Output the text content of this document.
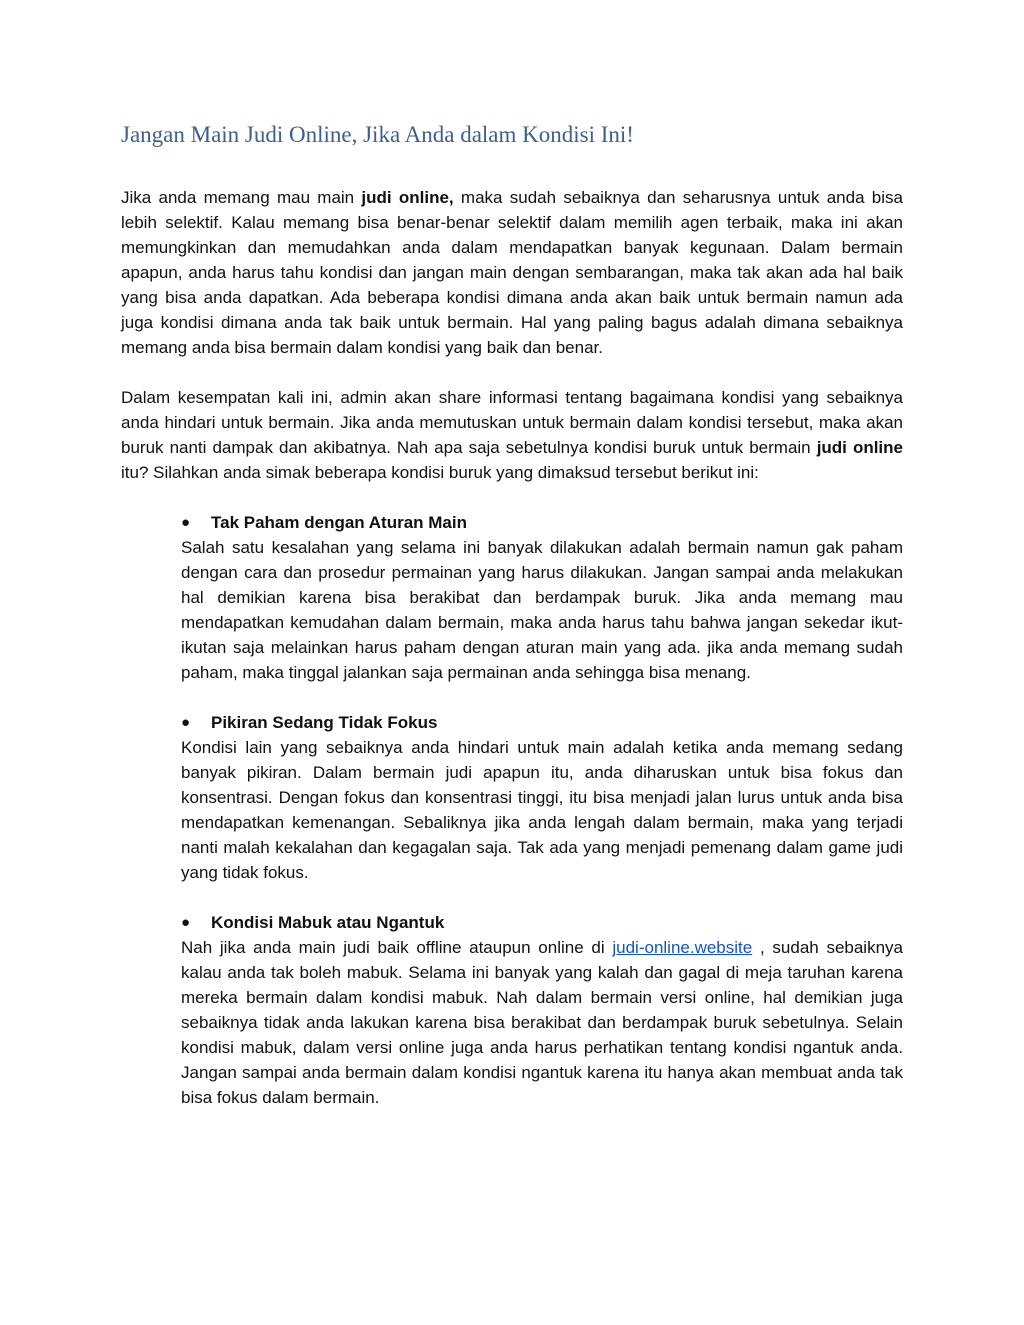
Jangan Main Judi Online, Jika Anda dalam Kondisi Ini!

Jika anda memang mau main judi online, maka sudah sebaiknya dan seharusnya untuk anda bisa lebih selektif. Kalau memang bisa benar-benar selektif dalam memilih agen terbaik, maka ini akan memungkinkan dan memudahkan anda dalam mendapatkan banyak kegunaan. Dalam bermain apapun, anda harus tahu kondisi dan jangan main dengan sembarangan, maka tak akan ada hal baik yang bisa anda dapatkan. Ada beberapa kondisi dimana anda akan baik untuk bermain namun ada juga kondisi dimana anda tak baik untuk bermain. Hal yang paling bagus adalah dimana sebaiknya memang anda bisa bermain dalam kondisi yang baik dan benar.

Dalam kesempatan kali ini, admin akan share informasi tentang bagaimana kondisi yang sebaiknya anda hindari untuk bermain. Jika anda memutuskan untuk bermain dalam kondisi tersebut, maka akan buruk nanti dampak dan akibatnya. Nah apa saja sebetulnya kondisi buruk untuk bermain judi online itu? Silahkan anda simak beberapa kondisi buruk yang dimaksud tersebut berikut ini:

● Tak Paham dengan Aturan Main

Salah satu kesalahan yang selama ini banyak dilakukan adalah bermain namun gak paham dengan cara dan prosedur permainan yang harus dilakukan. Jangan sampai anda melakukan hal demikian karena bisa berakibat dan berdampak buruk. Jika anda memang mau mendapatkan kemudahan dalam bermain, maka anda harus tahu bahwa jangan sekedar ikut-ikutan saja melainkan harus paham dengan aturan main yang ada. jika anda memang sudah paham, maka tinggal jalankan saja permainan anda sehingga bisa menang.

● Pikiran Sedang Tidak Fokus

Kondisi lain yang sebaiknya anda hindari untuk main adalah ketika anda memang sedang banyak pikiran. Dalam bermain judi apapun itu, anda diharuskan untuk bisa fokus dan konsentrasi. Dengan fokus dan konsentrasi tinggi, itu bisa menjadi jalan lurus untuk anda bisa mendapatkan kemenangan. Sebaliknya jika anda lengah dalam bermain, maka yang terjadi nanti malah kekalahan dan kegagalan saja. Tak ada yang menjadi pemenang dalam game judi yang tidak fokus.

● Kondisi Mabuk atau Ngantuk

Nah jika anda main judi baik offline ataupun online di judi-online.website , sudah sebaiknya kalau anda tak boleh mabuk. Selama ini banyak yang kalah dan gagal di meja taruhan karena mereka bermain dalam kondisi mabuk. Nah dalam bermain versi online, hal demikian juga sebaiknya tidak anda lakukan karena bisa berakibat dan berdampak buruk sebetulnya. Selain kondisi mabuk, dalam versi online juga anda harus perhatikan tentang kondisi ngantuk anda. Jangan sampai anda bermain dalam kondisi ngantuk karena itu hanya akan membuat anda tak bisa fokus dalam bermain.
